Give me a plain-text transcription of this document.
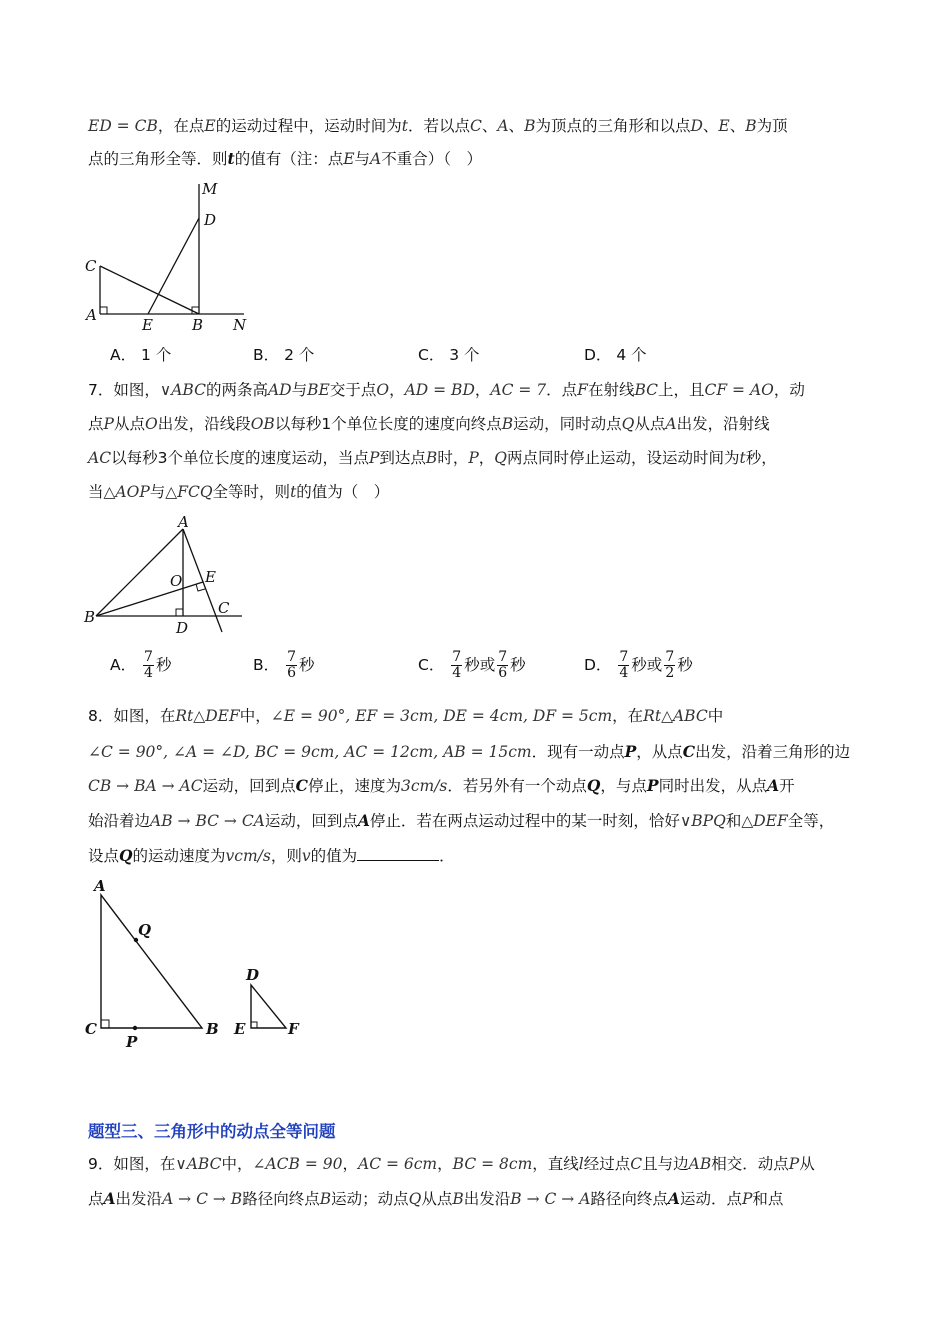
ED = CB，在点E的运动过程中，运动时间为t．若以点C、A、B为顶点的三角形和以点D、E、B为顶
点的三角形全等．则t的值有（注：点E与A不重合）（　）
M
D
C
A
E	B N
A． 1 个	B． 2 个	C． 3 个	D． 4 个
7．如图，∨ABC的两条高AD与BE交于点O，AD = BD，AC = 7．点F在射线BC上，且CF = AO，动
点P从点O出发，沿线段OB以每秒1个单位长度的速度向终点B运动，同时动点Q从点A出发，沿射线
AC以每秒3个单位长度的速度运动，当点P到达点B时，P，Q两点同时停止运动，设运动时间为t秒，
当△AOP与△FCQ全等时，则t的值为（　）
A
O E
C
B
D
A． $\frac{7}{4}$ 秒	B． $\frac{7}{6}$ 秒	C． $\frac{7}{4}$ 秒或 $\frac{7}{6}$ 秒	D． $\frac{7}{4}$ 秒或 $\frac{7}{2}$ 秒
8．如图，在Rt△DEF中，∠E = 90°, EF = 3cm, DE = 4cm, DF = 5cm，在Rt△ABC中
∠C = 90°, ∠A = ∠D, BC = 9cm, AC = 12cm, AB = 15cm．现有一动点P，从点C出发，沿着三角形的边
CB → BA → AC运动，回到点C停止，速度为3cm/s．若另外有一个动点Q，与点P同时出发，从点A开
始沿着边AB → BC → CA运动，回到点A停止．若在两点运动过程中的某一时刻，恰好∨BPQ和△DEF全等，
设点Q的运动速度为vcm/s，则v的值为	．
A
Q
C
P
B
D
E	F
题型三、三角形中的动点全等问题
9．如图，在∨ABC中，∠ACB = 90，AC = 6cm，BC = 8cm，直线l经过点C且与边AB相交．动点P从
点A出发沿A → C → B路径向终点B运动；动点Q从点B出发沿B → C → A路径向终点A运动．点P和点
